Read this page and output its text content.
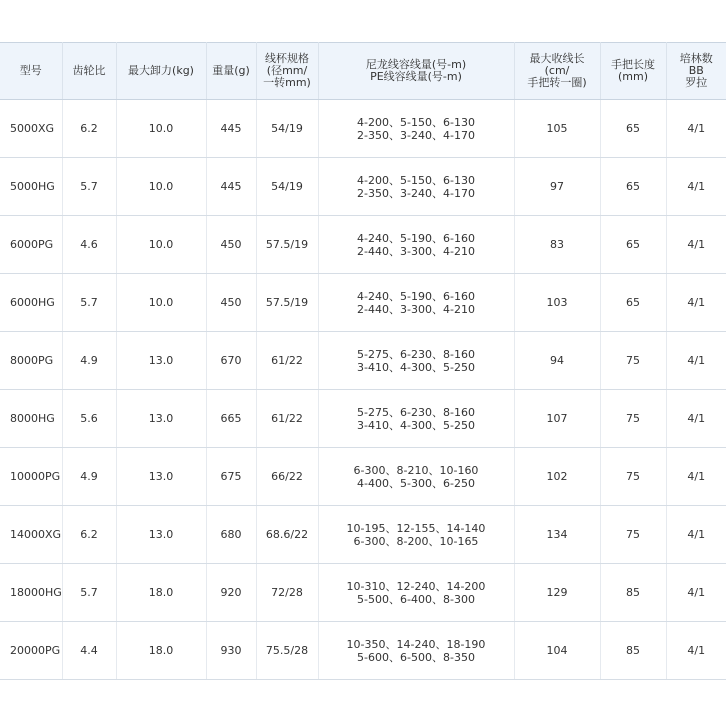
型号	齿轮比	最大卸力(kg)	重量(g)	线杯规格
(径mm/
一转mm)	尼龙线容线量(号-m)
PE线容线量(号-m)	最大收线长
(cm/
手把转一圈)	手把长度
(mm)	培林数
BB
罗拉
5000XG	6.2	10.0	445	54/19	4-200、5-150、6-130
2-350、3-240、4-170	105	65	4/1
5000HG	5.7	10.0	445	54/19	4-200、5-150、6-130
2-350、3-240、4-170	97	65	4/1
6000PG	4.6	10.0	450	57.5/19	4-240、5-190、6-160
2-440、3-300、4-210	83	65	4/1
6000HG	5.7	10.0	450	57.5/19	4-240、5-190、6-160
2-440、3-300、4-210	103	65	4/1
8000PG	4.9	13.0	670	61/22	5-275、6-230、8-160
3-410、4-300、5-250	94	75	4/1
8000HG	5.6	13.0	665	61/22	5-275、6-230、8-160
3-410、4-300、5-250	107	75	4/1
10000PG	4.9	13.0	675	66/22	6-300、8-210、10-160
4-400、5-300、6-250	102	75	4/1
14000XG	6.2	13.0	680	68.6/22	10-195、12-155、14-140
6-300、8-200、10-165	134	75	4/1
18000HG	5.7	18.0	920	72/28	10-310、12-240、14-200
5-500、6-400、8-300	129	85	4/1
20000PG	4.4	18.0	930	75.5/28	10-350、14-240、18-190
5-600、6-500、8-350	104	85	4/1
